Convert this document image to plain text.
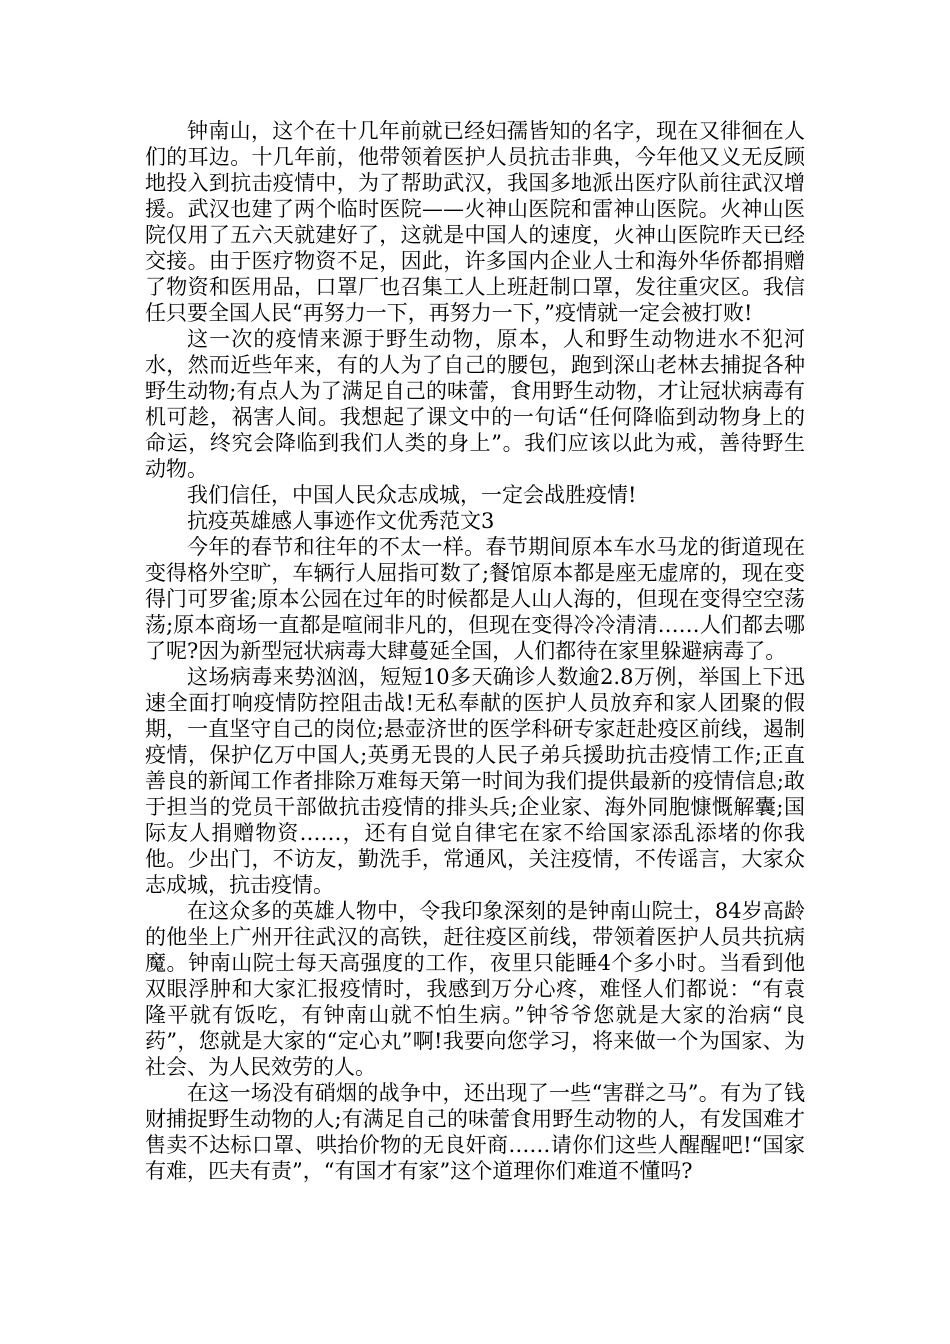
钟南山，这个在十几年前就已经妇孺皆知的名字，现在又徘徊在人们的耳边。十几年前，他带领着医护人员抗击非典，今年他又义无反顾地投入到抗击疫情中，为了帮助武汉，我国多地派出医疗队前往武汉增援。武汉也建了两个临时医院——火神山医院和雷神山医院。火神山医院仅用了五六天就建好了，这就是中国人的速度，火神山医院昨天已经交接。由于医疗物资不足，因此，许多国内企业人士和海外华侨都捐赠了物资和医用品，口罩厂也召集工人上班赶制口罩，发往重灾区。我信任只要全国人民“再努力一下，再努力一下，”疫情就一定会被打败!

这一次的疫情来源于野生动物，原本，人和野生动物进水不犯河水，然而近些年来，有的人为了自己的腰包，跑到深山老林去捕捉各种野生动物;有点人为了满足自己的味蕾，食用野生动物，才让冠状病毒有机可趁，祸害人间。我想起了课文中的一句话“任何降临到动物身上的命运，终究会降临到我们人类的身上”。我们应该以此为戒，善待野生动物。

我们信任，中国人民众志成城，一定会战胜疫情!

抗疫英雄感人事迹作文优秀范文3

今年的春节和往年的不太一样。春节期间原本车水马龙的街道现在变得格外空旷，车辆行人屈指可数了;餐馆原本都是座无虚席的，现在变得门可罗雀;原本公园在过年的时候都是人山人海的，但现在变得空空荡荡;原本商场一直都是喧闹非凡的，但现在变得冷冷清清……人们都去哪了呢?因为新型冠状病毒大肆蔓延全国，人们都待在家里躲避病毒了。

这场病毒来势汹汹，短短10多天确诊人数逾2.8万例，举国上下迅速全面打响疫情防控阻击战!无私奉献的医护人员放弃和家人团聚的假期，一直坚守自己的岗位;悬壶济世的医学科研专家赶赴疫区前线，遏制疫情，保护亿万中国人;英勇无畏的人民子弟兵援助抗击疫情工作;正直善良的新闻工作者排除万难每天第一时间为我们提供最新的疫情信息;敢于担当的党员干部做抗击疫情的排头兵;企业家、海外同胞慷慨解囊;国际友人捐赠物资……，还有自觉自律宅在家不给国家添乱添堵的你我他。少出门，不访友，勤洗手，常通风，关注疫情，不传谣言，大家众志成城，抗击疫情。

在这众多的英雄人物中，令我印象深刻的是钟南山院士，84岁高龄的他坐上广州开往武汉的高铁，赶往疫区前线，带领着医护人员共抗病魔。钟南山院士每天高强度的工作，夜里只能睡4个多小时。当看到他双眼浮肿和大家汇报疫情时，我感到万分心疼，难怪人们都说：“有袁隆平就有饭吃，有钟南山就不怕生病。”钟爷爷您就是大家的治病“良药”，您就是大家的“定心丸”啊!我要向您学习，将来做一个为国家、为社会、为人民效劳的人。

在这一场没有硝烟的战争中，还出现了一些“害群之马”。有为了钱财捕捉野生动物的人;有满足自己的味蕾食用野生动物的人，有发国难才售卖不达标口罩、哄抬价物的无良奸商……请你们这些人醒醒吧!“国家有难，匹夫有责”，“有国才有家”这个道理你们难道不懂吗?
